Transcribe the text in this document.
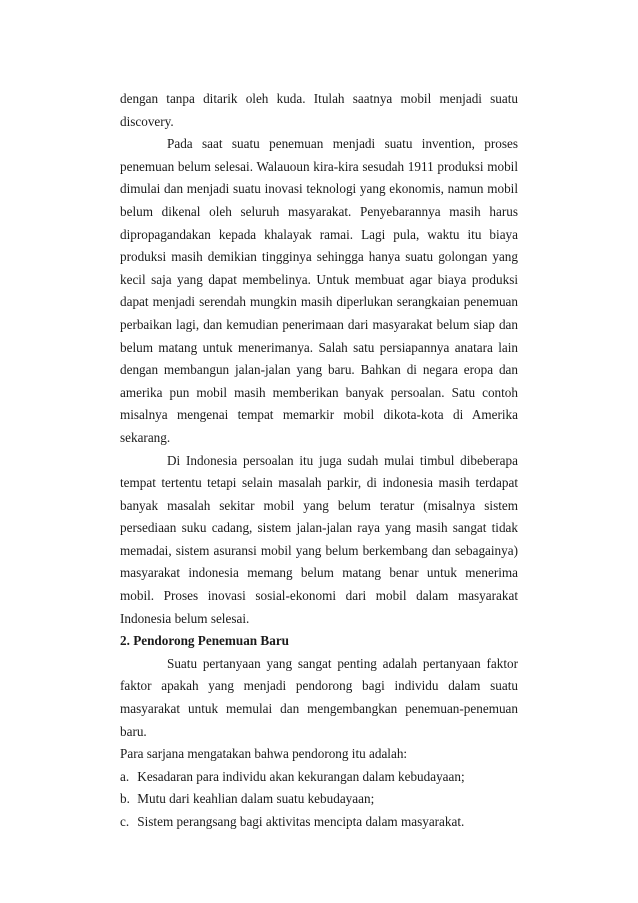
dengan tanpa ditarik oleh kuda. Itulah saatnya mobil menjadi suatu discovery.

Pada saat suatu penemuan menjadi suatu invention, proses penemuan belum selesai. Walauoun kira-kira sesudah 1911 produksi mobil dimulai dan menjadi suatu inovasi teknologi yang ekonomis, namun mobil belum dikenal oleh seluruh masyarakat. Penyebarannya masih harus dipropagandakan kepada khalayak ramai. Lagi pula, waktu itu biaya produksi masih demikian tingginya sehingga hanya suatu golongan yang kecil saja yang dapat membelinya. Untuk membuat agar biaya produksi dapat menjadi serendah mungkin masih diperlukan serangkaian penemuan perbaikan lagi, dan kemudian penerimaan dari masyarakat belum siap dan belum matang untuk menerimanya. Salah satu persiapannya anatara lain dengan membangun jalan-jalan yang baru. Bahkan di negara eropa dan amerika pun mobil masih memberikan banyak persoalan. Satu contoh misalnya mengenai tempat memarkir mobil dikota-kota di Amerika sekarang.

Di Indonesia persoalan itu juga sudah mulai timbul dibeberapa tempat tertentu tetapi selain masalah parkir, di indonesia masih terdapat banyak masalah sekitar mobil yang belum teratur (misalnya sistem persediaan suku cadang, sistem jalan-jalan raya yang masih sangat tidak memadai, sistem asuransi mobil yang belum berkembang dan sebagainya) masyarakat indonesia memang belum matang benar untuk menerima mobil. Proses inovasi sosial-ekonomi dari mobil dalam masyarakat Indonesia belum selesai.

2. Pendorong Penemuan Baru

Suatu pertanyaan yang sangat penting adalah pertanyaan faktor faktor apakah yang menjadi pendorong bagi individu dalam suatu masyarakat untuk memulai dan mengembangkan penemuan-penemuan baru.

Para sarjana mengatakan bahwa pendorong itu adalah:

a. Kesadaran para individu akan kekurangan dalam kebudayaan;

b. Mutu dari keahlian dalam suatu kebudayaan;

c. Sistem perangsang bagi aktivitas mencipta dalam masyarakat.
